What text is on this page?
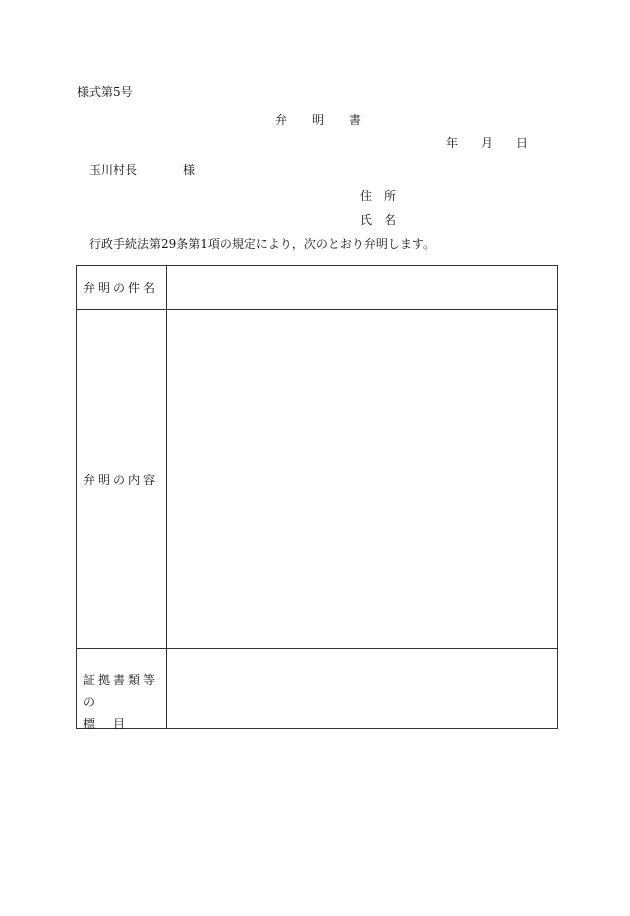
様式第5号
弁 明 書
年 月 日
玉川村長	様
住 所
氏 名
行政手続法第29条第1項の規定により，次のとおり弁明します。
弁明の件名
弁明の内容
証拠書類等の
標　目
